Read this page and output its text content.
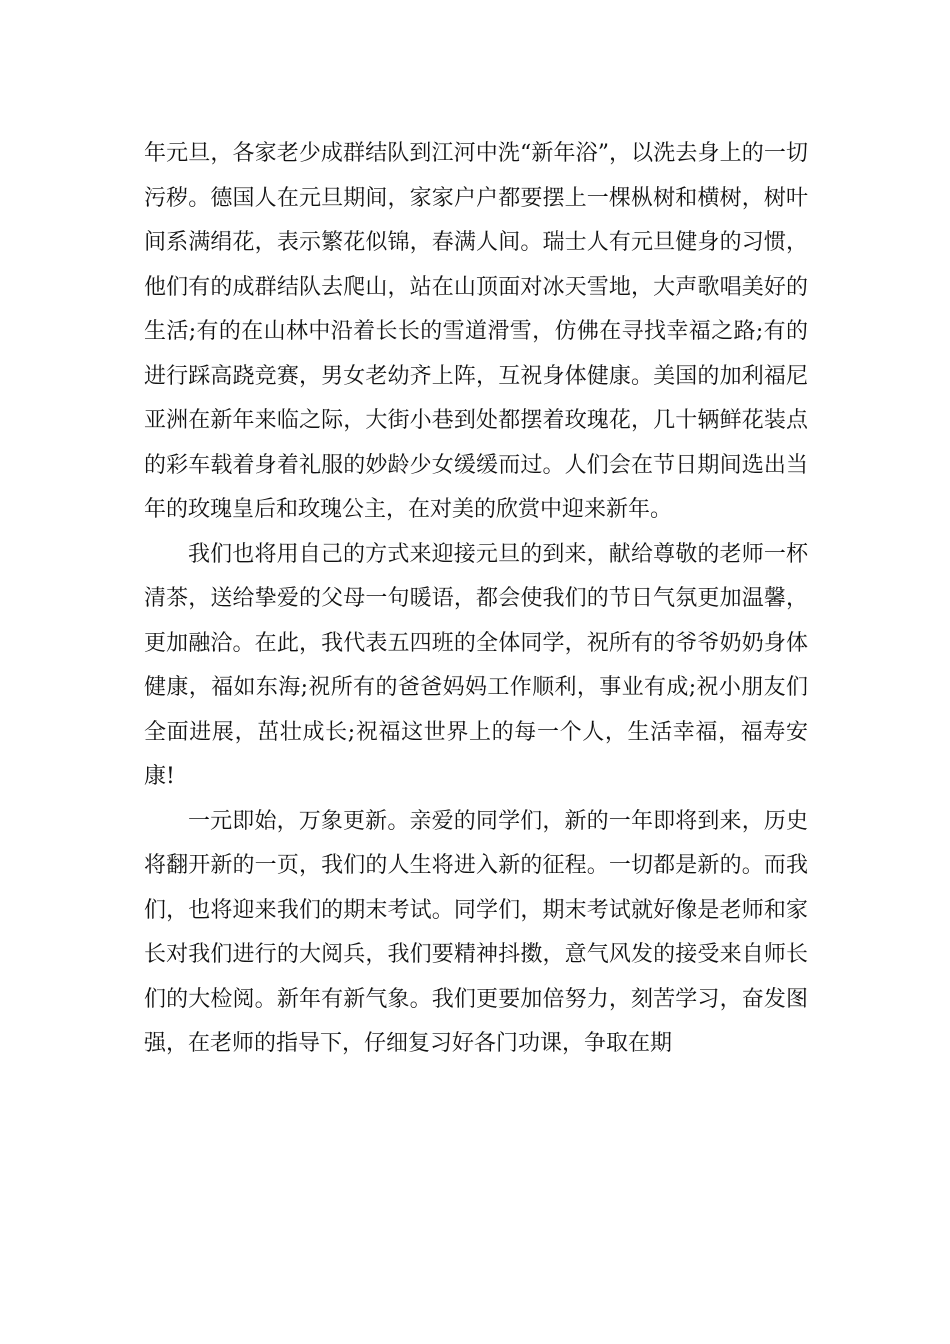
年元旦，各家老少成群结队到江河中洗“新年浴”，以洗去身上的一切污秽。德国人在元旦期间，家家户户都要摆上一棵枞树和横树，树叶间系满绢花，表示繁花似锦，春满人间。瑞士人有元旦健身的习惯，他们有的成群结队去爬山，站在山顶面对冰天雪地，大声歌唱美好的生活;有的在山林中沿着长长的雪道滑雪，仿佛在寻找幸福之路;有的进行踩高跷竞赛，男女老幼齐上阵，互祝身体健康。美国的加利福尼亚洲在新年来临之际，大街小巷到处都摆着玫瑰花，几十辆鲜花装点的彩车载着身着礼服的妙龄少女缓缓而过。人们会在节日期间选出当年的玫瑰皇后和玫瑰公主，在对美的欣赏中迎来新年。

我们也将用自己的方式来迎接元旦的到来，献给尊敬的老师一杯清茶，送给挚爱的父母一句暖语，都会使我们的节日气氛更加温馨，更加融洽。在此，我代表五四班的全体同学，祝所有的爷爷奶奶身体健康，福如东海;祝所有的爸爸妈妈工作顺利，事业有成;祝小朋友们全面进展，茁壮成长;祝福这世界上的每一个人，生活幸福，福寿安康!

一元即始，万象更新。亲爱的同学们，新的一年即将到来，历史将翻开新的一页，我们的人生将进入新的征程。一切都是新的。而我们，也将迎来我们的期末考试。同学们，期末考试就好像是老师和家长对我们进行的大阅兵，我们要精神抖擞，意气风发的接受来自师长们的大检阅。新年有新气象。我们更要加倍努力，刻苦学习，奋发图强，在老师的指导下，仔细复习好各门功课，争取在期
